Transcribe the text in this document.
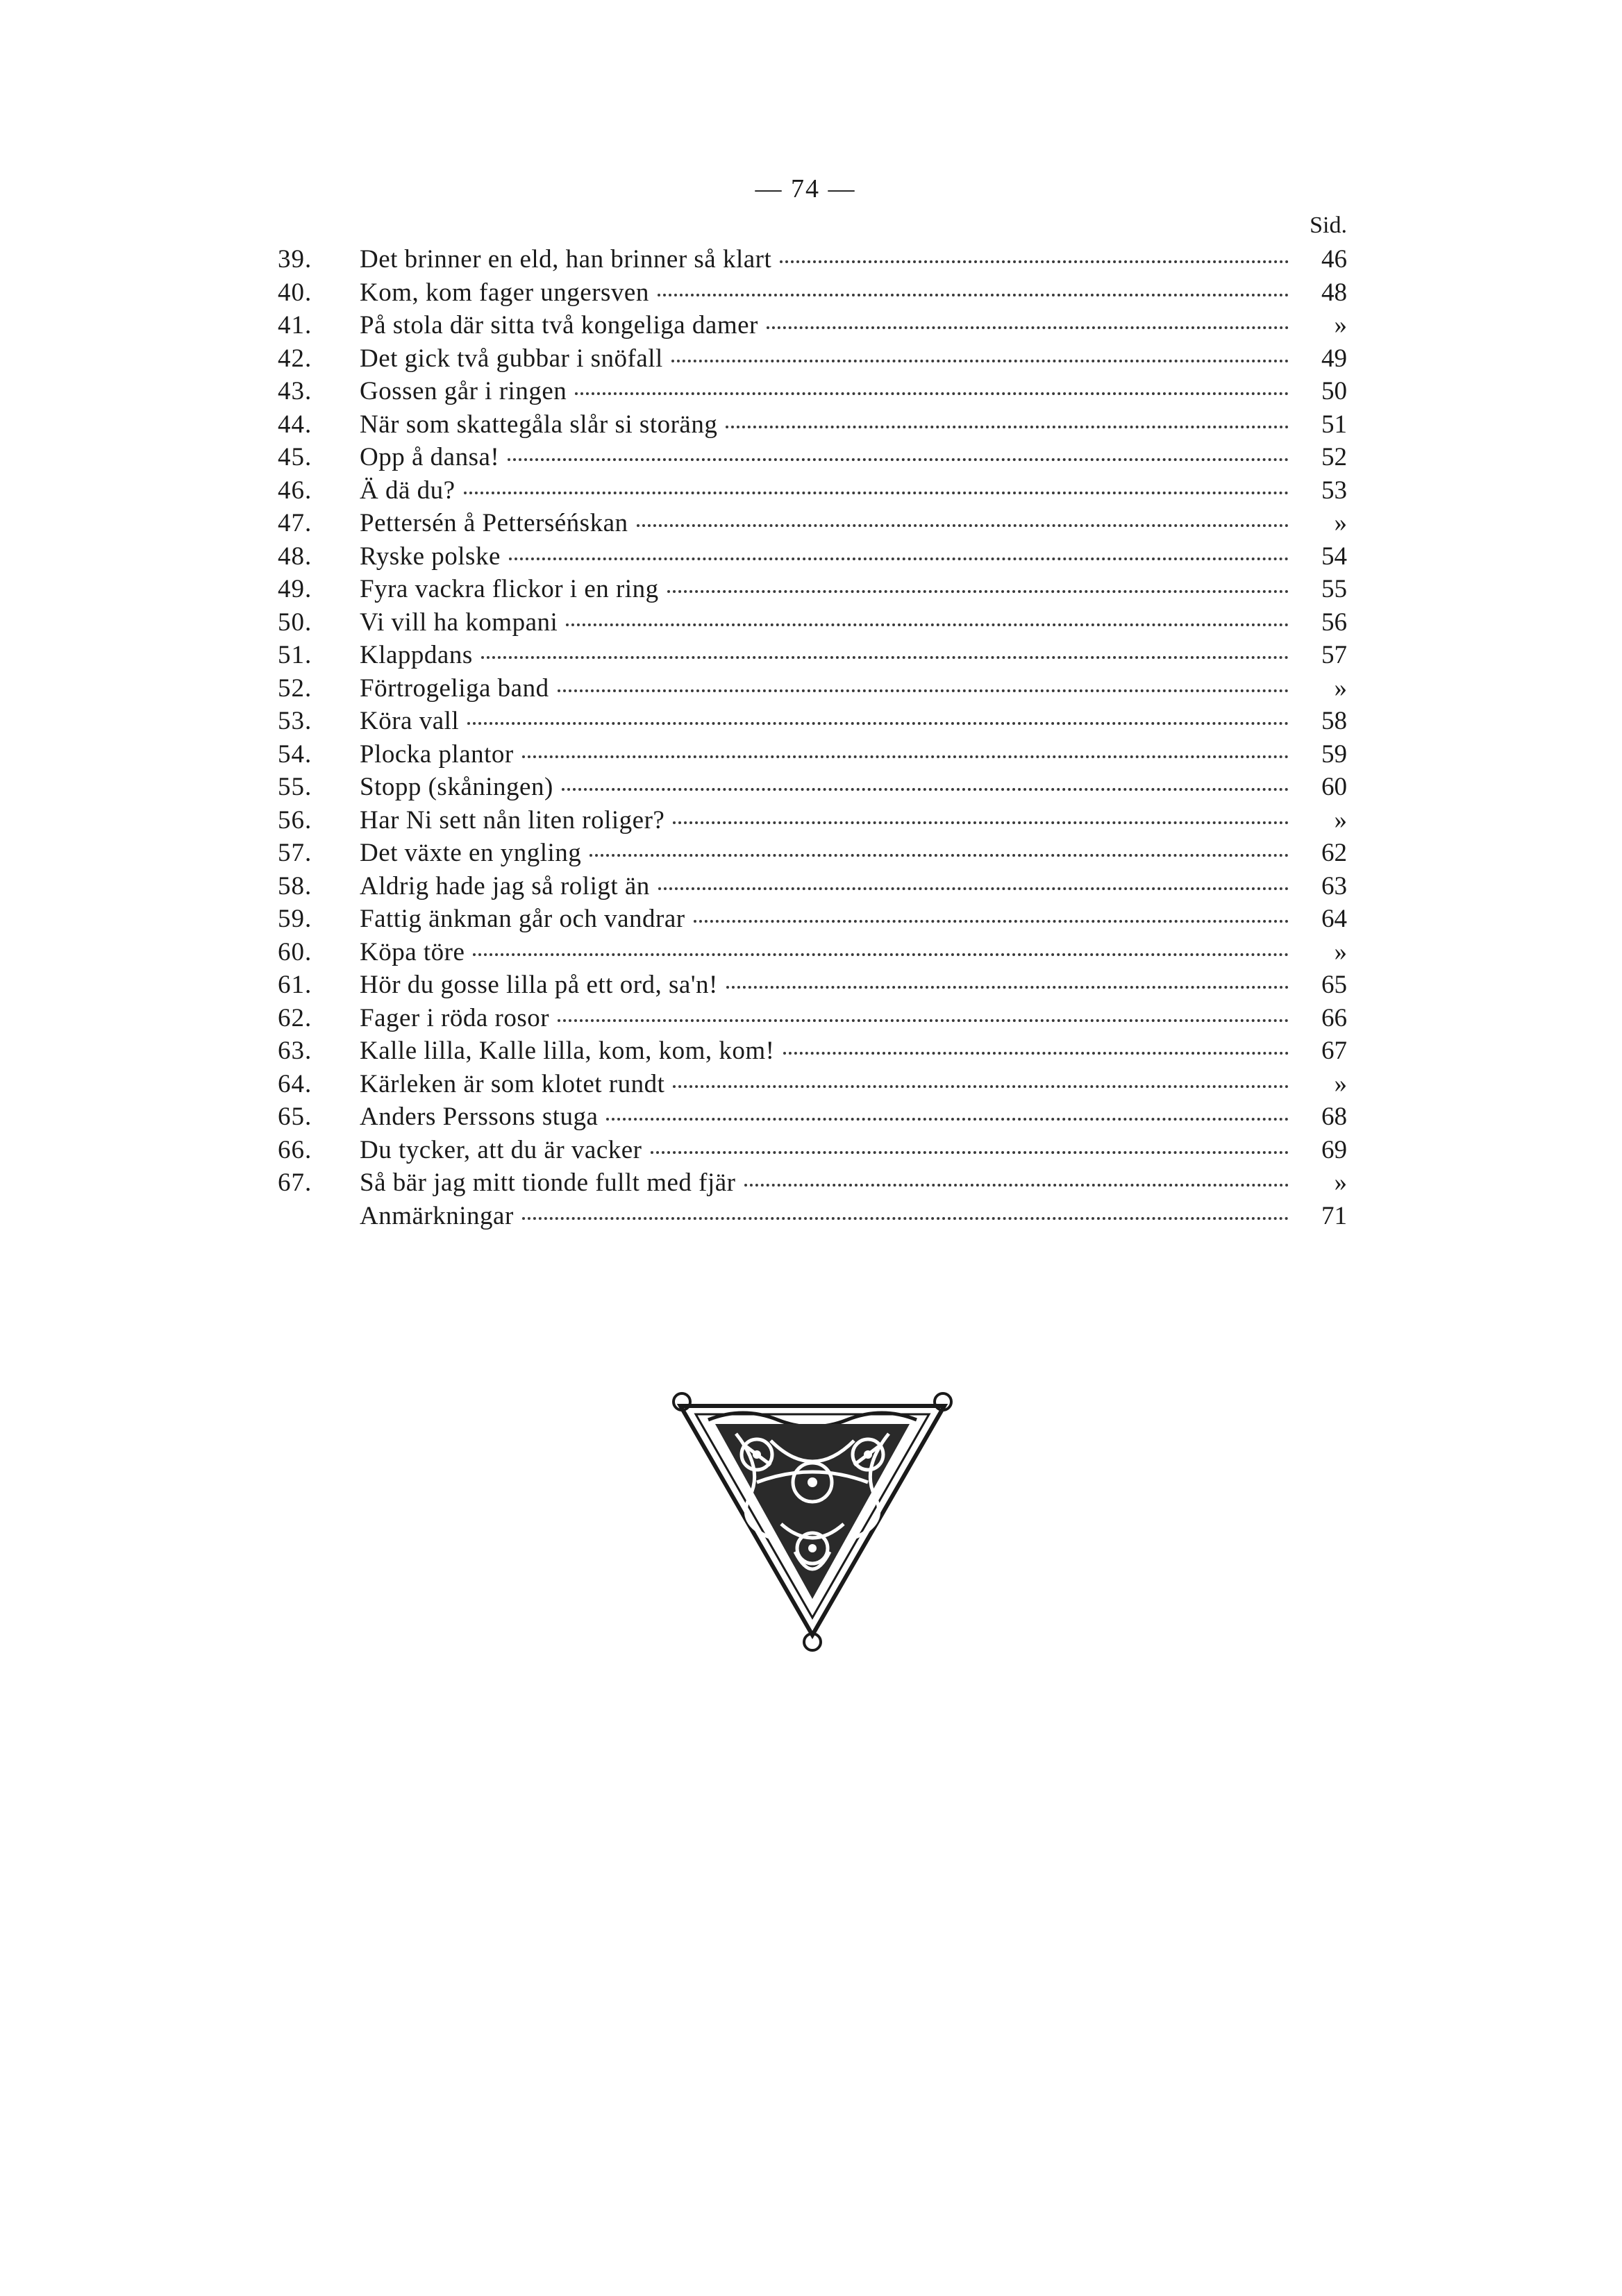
— 74 —
Sid.
39.	Det brinner en eld, han brinner så klart	46
40.	Kom, kom fager ungersven	48
41.	På stola där sitta två kongeliga damer	»
42.	Det gick två gubbar i snöfall	49
43.	Gossen går i ringen	50
44.	När som skattegåla slår si storäng	51
45.	Opp å dansa!	52
46.	Ä dä du?	53
47.	Pettersén å Petterséńskan	»
48.	Ryske polske	54
49.	Fyra vackra flickor i en ring	55
50.	Vi vill ha kompani	56
51.	Klappdans	57
52.	Förtrogeliga band	»
53.	Köra vall	58
54.	Plocka plantor	59
55.	Stopp (skåningen)	60
56.	Har Ni sett nån liten roliger?	»
57.	Det växte en yngling	62
58.	Aldrig hade jag så roligt än	63
59.	Fattig änkman går och vandrar	64
60.	Köpa töre	»
61.	Hör du gosse lilla på ett ord, sa'n!	65
62.	Fager i röda rosor	66
63.	Kalle lilla, Kalle lilla, kom, kom, kom!	67
64.	Kärleken är som klotet rundt	»
65.	Anders Perssons stuga	68
66.	Du tycker, att du är vacker	69
67.	Så bär jag mitt tionde fullt med fjär	»
Anmärkningar	71
